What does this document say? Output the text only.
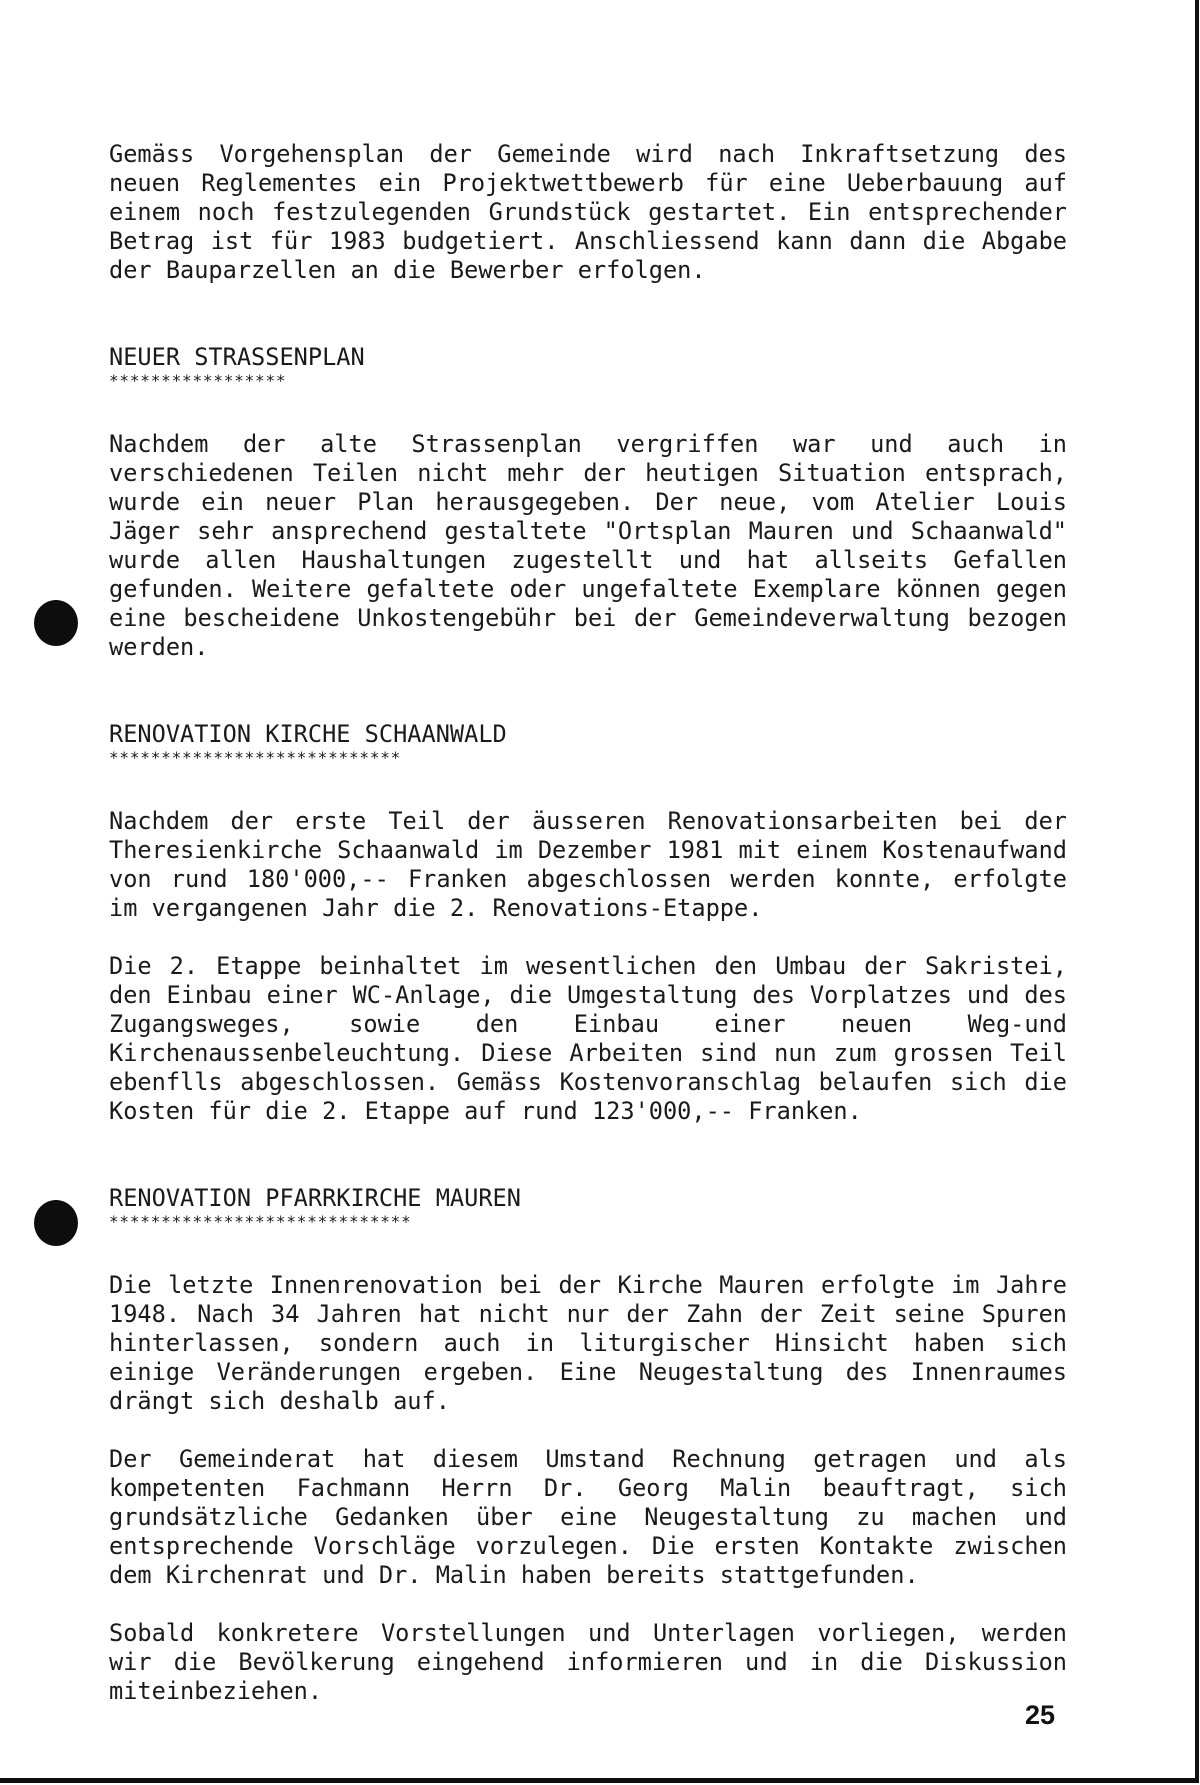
Gemäss Vorgehensplan der Gemeinde wird nach Inkraftsetzung des neuen Reglementes ein Projektwettbewerb für eine Ueberbauung auf einem noch festzulegenden Grundstück gestartet. Ein entsprechender Betrag ist für 1983 budgetiert. Anschliessend kann dann die Abgabe der Bauparzellen an die Bewerber erfolgen.

NEUER STRASSENPLAN
*****************

Nachdem der alte Strassenplan vergriffen war und auch in verschiedenen Teilen nicht mehr der heutigen Situation entsprach, wurde ein neuer Plan herausgegeben. Der neue, vom Atelier Louis Jäger sehr ansprechend gestaltete "Ortsplan Mauren und Schaanwald" wurde allen Haushaltungen zugestellt und hat allseits Gefallen gefunden. Weitere gefaltete oder ungefaltete Exemplare können gegen eine bescheidene Unkostengebühr bei der Gemeindeverwaltung bezogen werden.

RENOVATION KIRCHE SCHAANWALD
****************************

Nachdem der erste Teil der äusseren Renovationsarbeiten bei der Theresienkirche Schaanwald im Dezember 1981 mit einem Kostenaufwand von rund 180'000,-- Franken abgeschlossen werden konnte, erfolgte im vergangenen Jahr die 2. Renovations-Etappe.

Die 2. Etappe beinhaltet im wesentlichen den Umbau der Sakristei, den Einbau einer WC-Anlage, die Umgestaltung des Vorplatzes und des Zugangsweges, sowie den Einbau einer neuen Weg-und Kirchenaussenbeleuchtung. Diese Arbeiten sind nun zum grossen Teil ebenflls abgeschlossen. Gemäss Kostenvoranschlag belaufen sich die Kosten für die 2. Etappe auf rund 123'000,-- Franken.

RENOVATION PFARRKIRCHE MAUREN
*****************************

Die letzte Innenrenovation bei der Kirche Mauren erfolgte im Jahre 1948. Nach 34 Jahren hat nicht nur der Zahn der Zeit seine Spuren hinterlassen, sondern auch in liturgischer Hinsicht haben sich einige Veränderungen ergeben. Eine Neugestaltung des Innenraumes drängt sich deshalb auf.

Der Gemeinderat hat diesem Umstand Rechnung getragen und als kompetenten Fachmann Herrn Dr. Georg Malin beauftragt, sich grundsätzliche Gedanken über eine Neugestaltung zu machen und entsprechende Vorschläge vorzulegen. Die ersten Kontakte zwischen dem Kirchenrat und Dr. Malin haben bereits stattgefunden.

Sobald konkretere Vorstellungen und Unterlagen vorliegen, werden wir die Bevölkerung eingehend informieren und in die Diskussion miteinbeziehen.

25
